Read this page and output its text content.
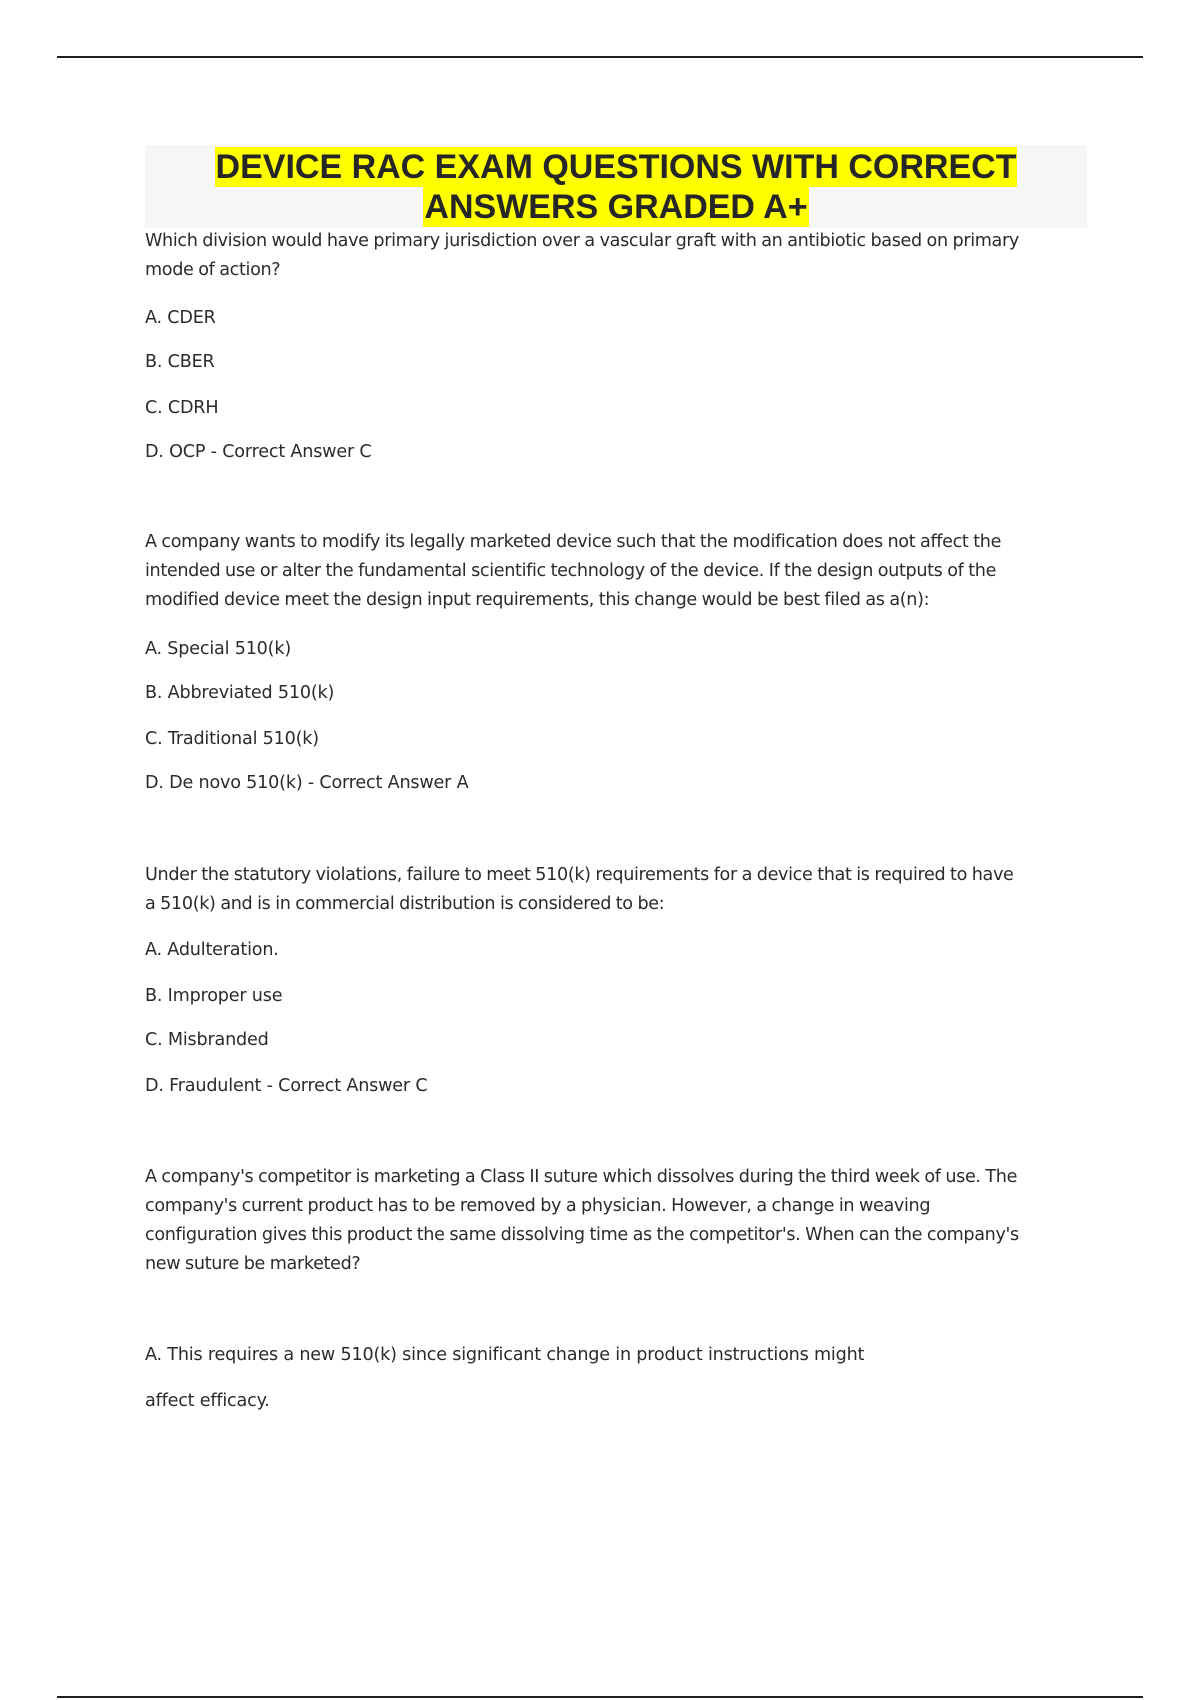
DEVICE RAC EXAM QUESTIONS WITH CORRECT
ANSWERS GRADED A+
Which division would have primary jurisdiction over a vascular graft with an antibiotic based on primary
mode of action?
A. CDER
B. CBER
C. CDRH
D. OCP - Correct Answer C
A company wants to modify its legally marketed device such that the modification does not affect the
intended use or alter the fundamental scientific technology of the device. If the design outputs of the
modified device meet the design input requirements, this change would be best filed as a(n):
A. Special 510(k)
B. Abbreviated 510(k)
C. Traditional 510(k)
D. De novo 510(k) - Correct Answer A
Under the statutory violations, failure to meet 510(k) requirements for a device that is required to have
a 510(k) and is in commercial distribution is considered to be:
A. Adulteration.
B. Improper use
C. Misbranded
D. Fraudulent - Correct Answer C
A company's competitor is marketing a Class II suture which dissolves during the third week of use. The
company's current product has to be removed by a physician. However, a change in weaving
configuration gives this product the same dissolving time as the competitor's. When can the company's
new suture be marketed?
A. This requires a new 510(k) since significant change in product instructions might
affect efficacy.
